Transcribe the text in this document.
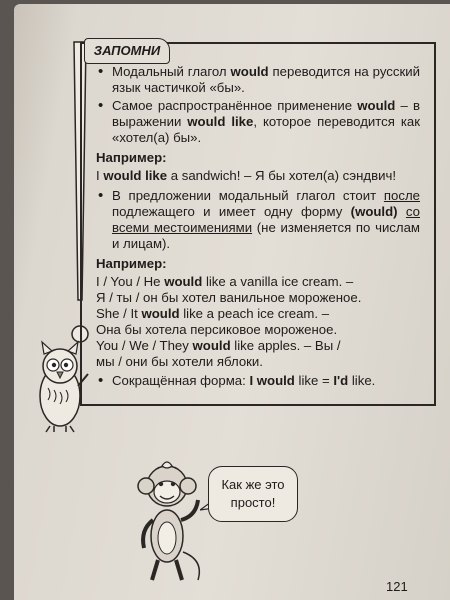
ЗАПОМНИ

• Модальный глагол would переводится на русский язык частичкой «бы».

• Самое распространённое применение would – в выражении would like, которое переводится как «хотел(а) бы».

Например:

I would like a sandwich! – Я бы хотел(а) сэндвич!

• В предложении модальный глагол стоит после подлежащего и имеет одну форму (would) со всеми местоимениями (не изменяется по числам и лицам).

Например:

I / You / He would like a vanilla ice cream. –

Я / ты / он бы хотел ванильное мороженое.

She / It would like a peach ice cream. –

Она бы хотела персиковое мороженое.

You / We / They would like apples. – Вы /

мы / они бы хотели яблоки.

• Сокращённая форма: I would like = I'd like.

Как же это просто!
121
